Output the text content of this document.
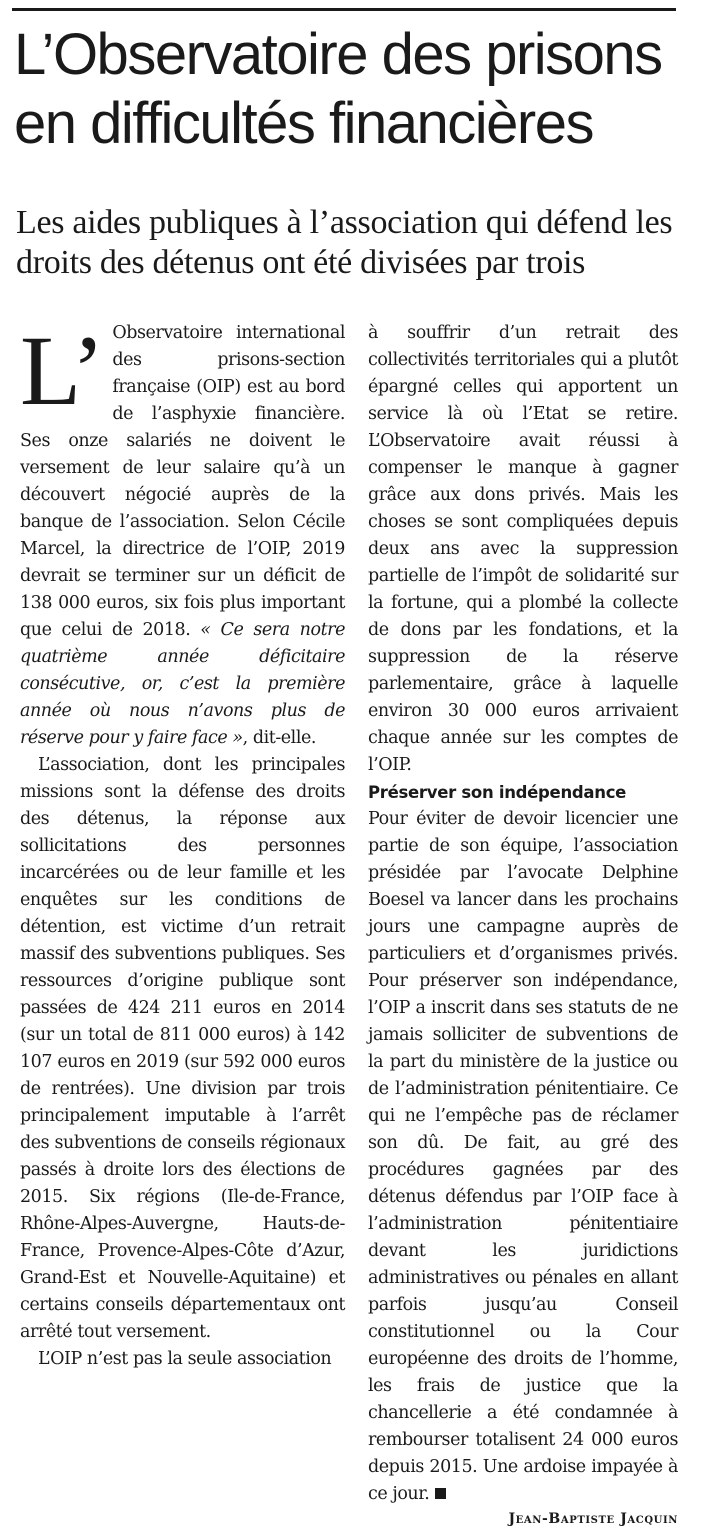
L’Observatoire des prisons en difficultés financières
Les aides publiques à l’association qui défend les droits des détenus ont été divisées par trois

L’ Observatoire international des prisons-section française (OIP) est au bord de l’asphyxie financière. Ses onze salariés ne doivent le versement de leur salaire qu’à un découvert négocié auprès de la banque de l’association. Selon Cécile Marcel, la directrice de l’OIP, 2019 devrait se terminer sur un déficit de 138 000 euros, six fois plus important que celui de 2018. « Ce sera notre quatrième année déficitaire consécutive, or, c’est la première année où nous n’avons plus de réserve pour y faire face », dit-elle.

L’association, dont les principales missions sont la défense des droits des détenus, la réponse aux sollicitations des personnes incarcérées ou de leur famille et les enquêtes sur les conditions de détention, est victime d’un retrait massif des subventions publiques. Ses ressources d’origine publique sont passées de 424 211 euros en 2014 (sur un total de 811 000 euros) à 142 107 euros en 2019 (sur 592 000 euros de rentrées). Une division par trois principalement imputable à l’arrêt des subventions de conseils régionaux passés à droite lors des élections de 2015. Six régions (Ile-de-France, Rhône-Alpes-Auvergne, Hauts-de-France, Provence-Alpes-Côte d’Azur, Grand-Est et Nouvelle-Aquitaine) et certains conseils départementaux ont arrêté tout versement.

L’OIP n’est pas la seule association

à souffrir d’un retrait des collectivités territoriales qui a plutôt épargné celles qui apportent un service là où l’Etat se retire. L’Observatoire avait réussi à compenser le manque à gagner grâce aux dons privés. Mais les choses se sont compliquées depuis deux ans avec la suppression partielle de l’impôt de solidarité sur la fortune, qui a plombé la collecte de dons par les fondations, et la suppression de la réserve parlementaire, grâce à laquelle environ 30 000 euros arrivaient chaque année sur les comptes de l’OIP.

Préserver son indépendance

Pour éviter de devoir licencier une partie de son équipe, l’association présidée par l’avocate Delphine Boesel va lancer dans les prochains jours une campagne auprès de particuliers et d’organismes privés. Pour préserver son indépendance, l’OIP a inscrit dans ses statuts de ne jamais solliciter de subventions de la part du ministère de la justice ou de l’administration pénitentiaire. Ce qui ne l’empêche pas de réclamer son dû. De fait, au gré des procédures gagnées par des détenus défendus par l’OIP face à l’administration pénitentiaire devant les juridictions administratives ou pénales en allant parfois jusqu’au Conseil constitutionnel ou la Cour européenne des droits de l’homme, les frais de justice que la chancellerie a été condamnée à rembourser totalisent 24 000 euros depuis 2015. Une ardoise impayée à ce jour.

Jean-Baptiste Jacquin
